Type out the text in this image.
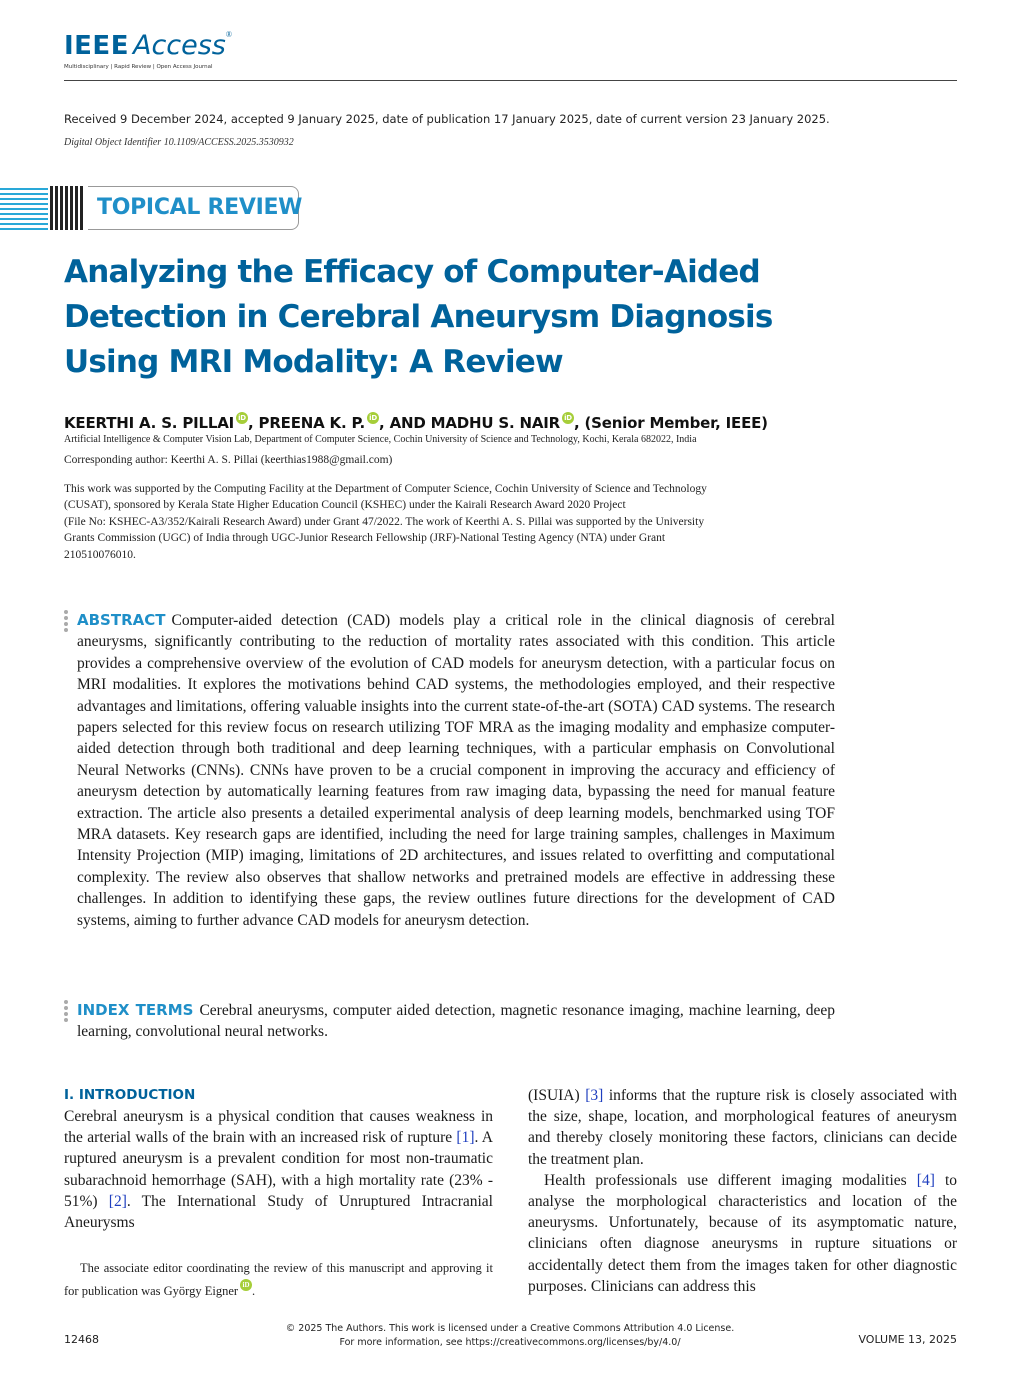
IEEE Access®
Multidisciplinary | Rapid Review | Open Access Journal
Received 9 December 2024, accepted 9 January 2025, date of publication 17 January 2025, date of current version 23 January 2025.
Digital Object Identifier 10.1109/ACCESS.2025.3530932
TOPICAL REVIEW
Analyzing the Efficacy of Computer-Aided
Detection in Cerebral Aneurysm Diagnosis
Using MRI Modality: A Review
KEERTHI A. S. PILLAI iD , PREENA K. P. iD , AND MADHU S. NAIR iD , (Senior Member, IEEE)
Artificial Intelligence & Computer Vision Lab, Department of Computer Science, Cochin University of Science and Technology, Kochi, Kerala 682022, India
Corresponding author: Keerthi A. S. Pillai (keerthias1988@gmail.com)
This work was supported by the Computing Facility at the Department of Computer Science, Cochin University of Science and Technology
(CUSAT), sponsored by Kerala State Higher Education Council (KSHEC) under the Kairali Research Award 2020 Project
(File No: KSHEC-A3/352/Kairali Research Award) under Grant 47/2022. The work of Keerthi A. S. Pillai was supported by the University
Grants Commission (UGC) of India through UGC-Junior Research Fellowship (JRF)-National Testing Agency (NTA) under Grant
210510076010.
ABSTRACT Computer-aided detection (CAD) models play a critical role in the clinical diagnosis of cerebral aneurysms, significantly contributing to the reduction of mortality rates associated with this condition. This article provides a comprehensive overview of the evolution of CAD models for aneurysm detection, with a particular focus on MRI modalities. It explores the motivations behind CAD systems, the methodologies employed, and their respective advantages and limitations, offering valuable insights into the current state-of-the-art (SOTA) CAD systems. The research papers selected for this review focus on research utilizing TOF MRA as the imaging modality and emphasize computer-aided detection through both traditional and deep learning techniques, with a particular emphasis on Convolutional Neural Networks (CNNs). CNNs have proven to be a crucial component in improving the accuracy and efficiency of aneurysm detection by automatically learning features from raw imaging data, bypassing the need for manual feature extraction. The article also presents a detailed experimental analysis of deep learning models, benchmarked using TOF MRA datasets. Key research gaps are identified, including the need for large training samples, challenges in Maximum Intensity Projection (MIP) imaging, limitations of 2D architectures, and issues related to overfitting and computational complexity. The review also observes that shallow networks and pretrained models are effective in addressing these challenges. In addition to identifying these gaps, the review outlines future directions for the development of CAD systems, aiming to further advance CAD models for aneurysm detection.
INDEX TERMS Cerebral aneurysms, computer aided detection, magnetic resonance imaging, machine learning, deep learning, convolutional neural networks.
I. INTRODUCTION
Cerebral aneurysm is a physical condition that causes weakness in the arterial walls of the brain with an increased risk of rupture [1]. A ruptured aneurysm is a prevalent condition for most non-traumatic subarachnoid hemorrhage (SAH), with a high mortality rate (23% - 51%) [2]. The International Study of Unruptured Intracranial Aneurysms
The associate editor coordinating the review of this manuscript and approving it for publication was György Eigner iD .
(ISUIA) [3] informs that the rupture risk is closely associated with the size, shape, location, and morphological features of aneurysm and thereby closely monitoring these factors, clinicians can decide the treatment plan.
Health professionals use different imaging modalities [4] to analyse the morphological characteristics and location of the aneurysms. Unfortunately, because of its asymptomatic nature, clinicians often diagnose aneurysms in rupture situations or accidentally detect them from the images taken for other diagnostic purposes. Clinicians can address this
12468
© 2025 The Authors. This work is licensed under a Creative Commons Attribution 4.0 License.
For more information, see https://creativecommons.org/licenses/by/4.0/	VOLUME 13, 2025
